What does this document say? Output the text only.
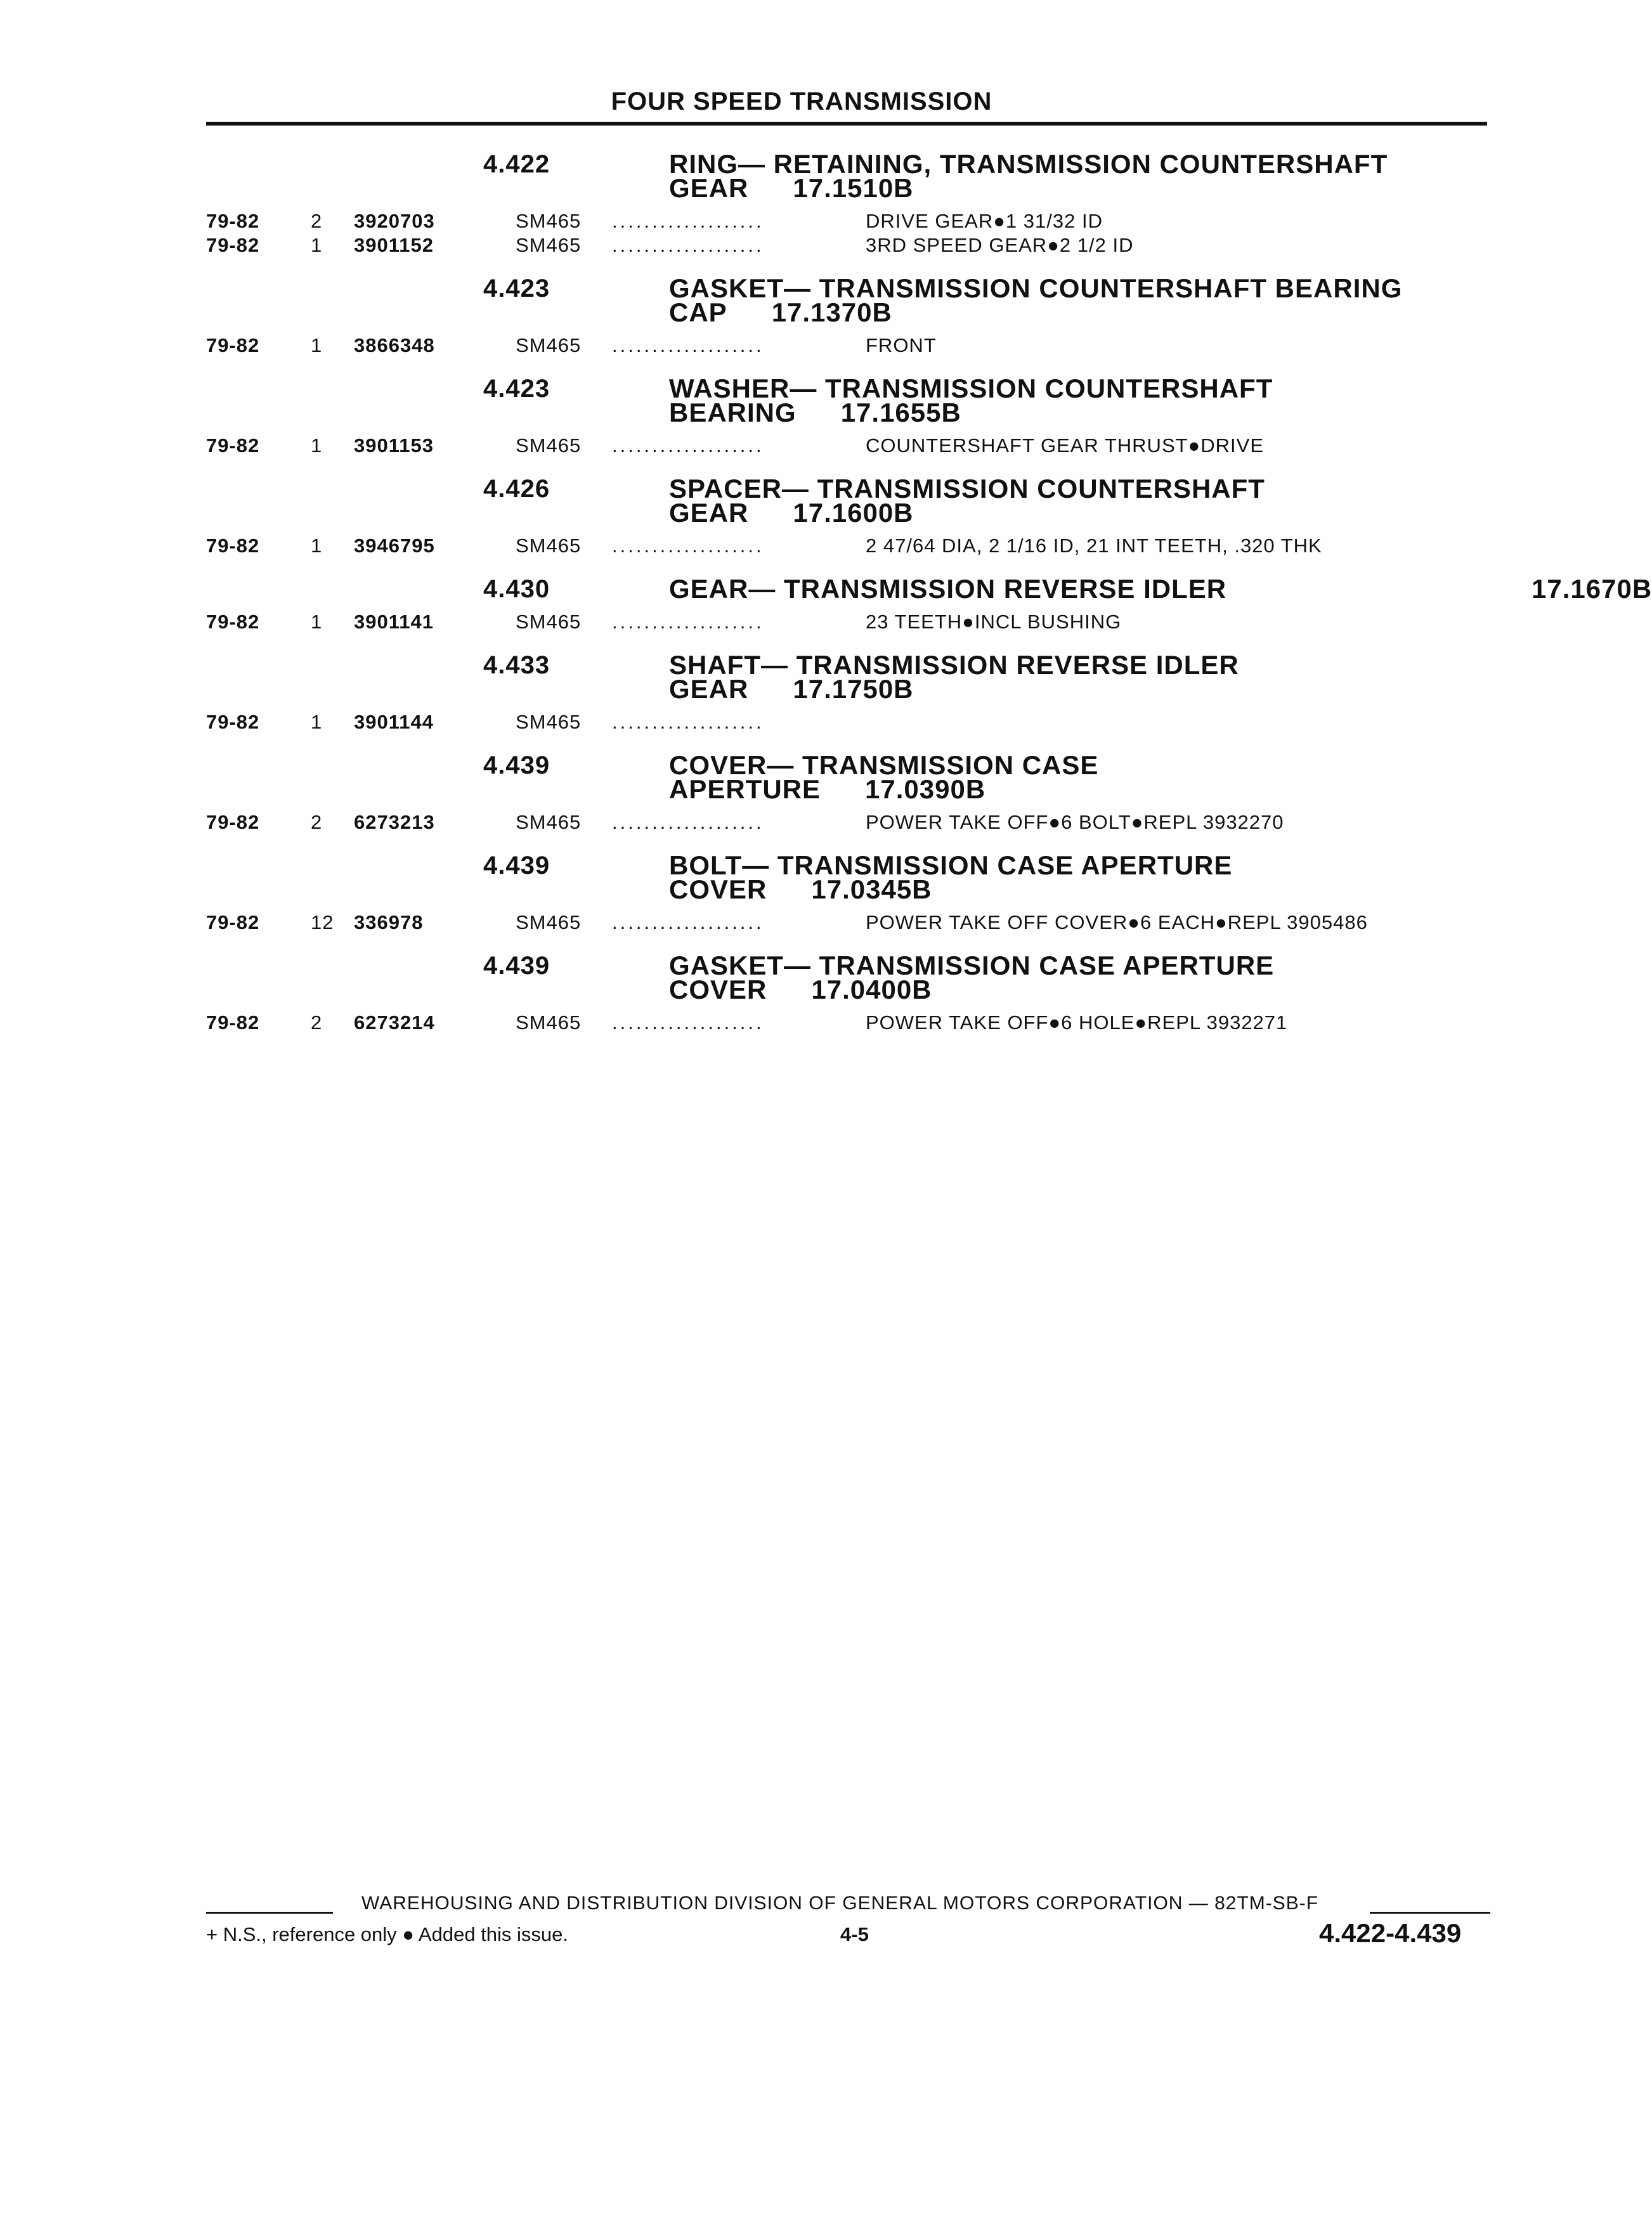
FOUR SPEED TRANSMISSION
4.422	RING— RETAINING, TRANSMISSION COUNTERSHAFT
GEAR 17.1510B
79-82	2 3920703	SM465 ...................	DRIVE GEAR●1 31/32 ID
79-82	1 3901152	SM465 ...................	3RD SPEED GEAR●2 1/2 ID
4.423	GASKET— TRANSMISSION COUNTERSHAFT BEARING
CAP 17.1370B
79-82	1 3866348	SM465 ...................	FRONT
4.423	WASHER— TRANSMISSION COUNTERSHAFT
BEARING 17.1655B
79-82	1 3901153	SM465 ...................	COUNTERSHAFT GEAR THRUST●DRIVE
4.426	SPACER— TRANSMISSION COUNTERSHAFT
GEAR 17.1600B
79-82	1 3946795	SM465 ...................	2 47/64 DIA, 2 1/16 ID, 21 INT TEETH, .320 THK
4.430	GEAR— TRANSMISSION REVERSE IDLER	17.1670B
79-82	1 3901141	SM465 ...................	23 TEETH●INCL BUSHING
4.433	SHAFT— TRANSMISSION REVERSE IDLER
GEAR 17.1750B
79-82	1 3901144	SM465 ...................
4.439	COVER— TRANSMISSION CASE
APERTURE 17.0390B
79-82	2 6273213	SM465 ...................	POWER TAKE OFF●6 BOLT●REPL 3932270
4.439	BOLT— TRANSMISSION CASE APERTURE
COVER 17.0345B
79-82	12 336978	SM465 ...................	POWER TAKE OFF COVER●6 EACH●REPL 3905486
4.439	GASKET— TRANSMISSION CASE APERTURE
COVER 17.0400B
79-82	2 6273214	SM465 ...................	POWER TAKE OFF●6 HOLE●REPL 3932271
WAREHOUSING AND DISTRIBUTION DIVISION OF GENERAL MOTORS CORPORATION — 82TM-SB-F
+ N.S., reference only ● Added this issue.	4-5	4.422-4.439
